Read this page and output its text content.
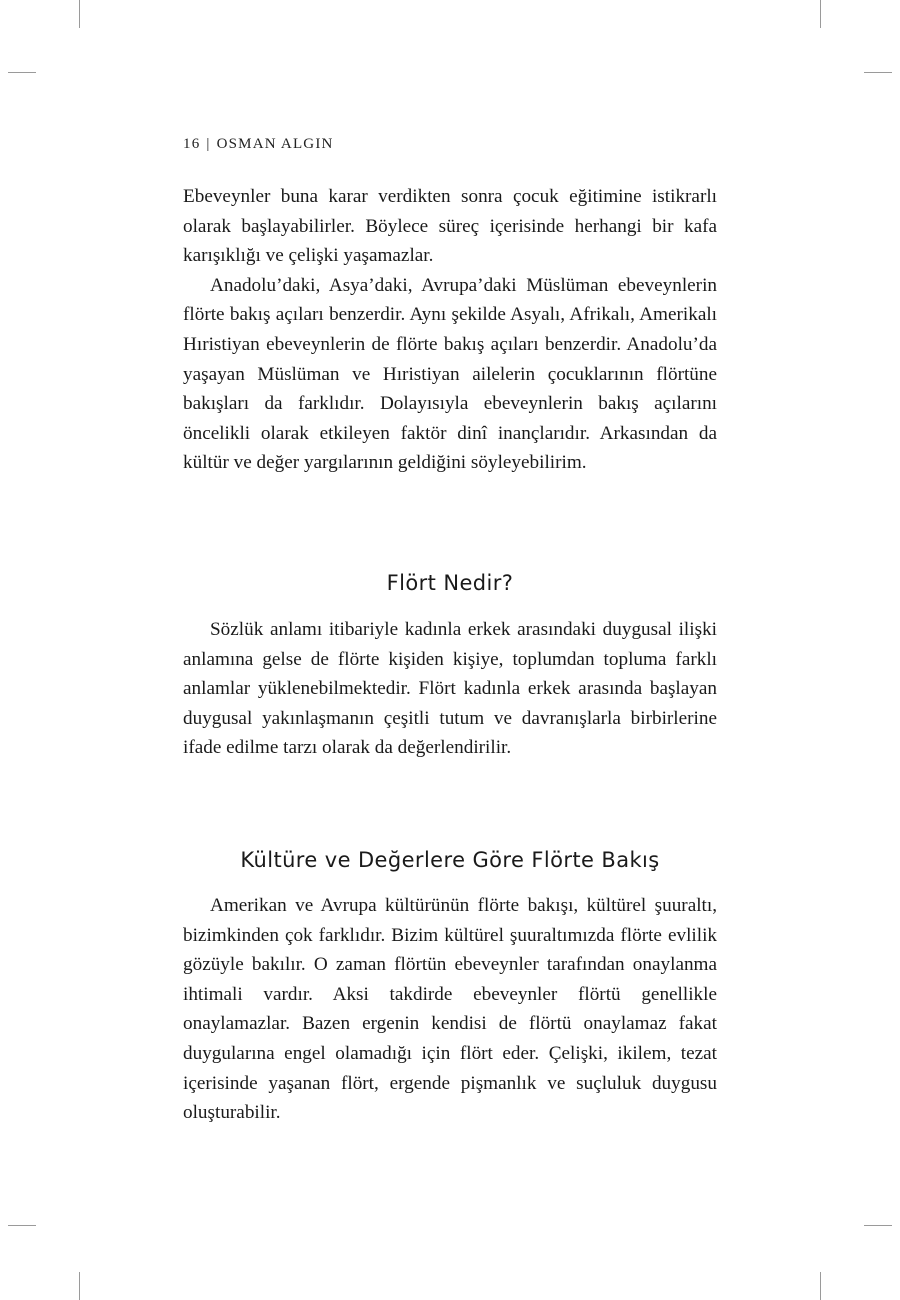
16 | OSMAN ALGIN

Ebeveynler buna karar verdikten sonra çocuk eğitimine istikrarlı olarak başlayabilirler. Böylece süreç içerisinde herhangi bir kafa karışıklığı ve çelişki yaşamazlar.

Anadolu’daki, Asya’daki, Avrupa’daki Müslüman ebeveynlerin flörte bakış açıları benzerdir. Aynı şekilde Asyalı, Afrikalı, Amerikalı Hıristiyan ebeveynlerin de flörte bakış açıları benzerdir. Anadolu’da yaşayan Müslüman ve Hıristiyan ailelerin çocuklarının flörtüne bakışları da farklıdır. Dolayısıyla ebeveynlerin bakış açılarını öncelikli olarak etkileyen faktör dinî inançlarıdır. Arkasından da kültür ve değer yargılarının geldiğini söyleyebilirim.

Flört Nedir?

Sözlük anlamı itibariyle kadınla erkek arasındaki duygusal ilişki anlamına gelse de flörte kişiden kişiye, toplumdan topluma farklı anlamlar yüklenebilmektedir. Flört kadınla erkek arasında başlayan duygusal yakınlaşmanın çeşitli tutum ve davranışlarla birbirlerine ifade edilme tarzı olarak da değerlendirilir.

Kültüre ve Değerlere Göre Flörte Bakış

Amerikan ve Avrupa kültürünün flörte bakışı, kültürel şuuraltı, bizimkinden çok farklıdır. Bizim kültürel şuuraltımızda flörte evlilik gözüyle bakılır. O zaman flörtün ebeveynler tarafından onaylanma ihtimali vardır. Aksi takdirde ebeveynler flörtü genellikle onaylamazlar. Bazen ergenin kendisi de flörtü onaylamaz fakat duygularına engel olamadığı için flört eder. Çelişki, ikilem, tezat içerisinde yaşanan flört, ergende pişmanlık ve suçluluk duygusu oluşturabilir.
